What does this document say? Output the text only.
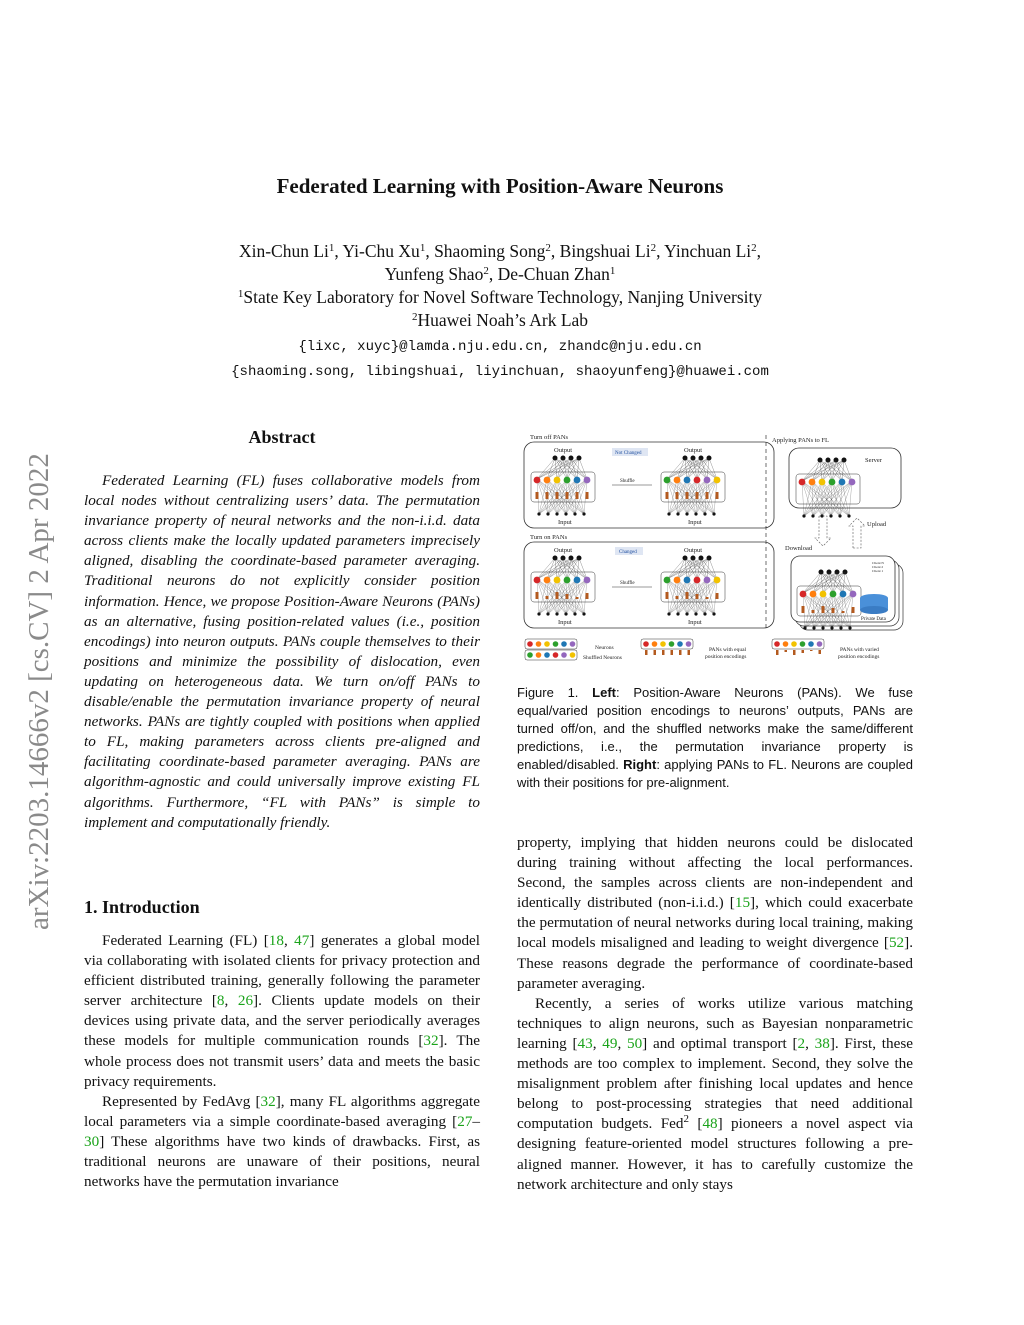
arXiv:2203.14666v2 [cs.CV] 2 Apr 2022
Federated Learning with Position-Aware Neurons
Xin-Chun Li$^1$, Yi-Chu Xu$^1$, Shaoming Song$^2$, Bingshuai Li$^2$, Yinchuan Li$^2$,
Yunfeng Shao$^2$, De-Chuan Zhan$^1$
$^1$State Key Laboratory for Novel Software Technology, Nanjing University
$^2$Huawei Noah’s Ark Lab
{lixc, xuyc}@lamda.nju.edu.cn, zhandc@nju.edu.cn
{shaoming.song, libingshuai, liyinchuan, shaoyunfeng}@huawei.com
Abstract
Federated Learning (FL) fuses collaborative models from local nodes without centralizing users’ data. The permutation invariance property of neural networks and the non-i.i.d. data across clients make the locally updated parameters imprecisely aligned, disabling the coordinate-based parameter averaging. Traditional neurons do not explicitly consider position information. Hence, we propose Position-Aware Neurons (PANs) as an alternative, fusing position-related values (i.e., position encodings) into neuron outputs. PANs couple themselves to their positions and minimize the possibility of dislocation, even updating on heterogeneous data. We turn on/off PANs to disable/enable the permutation invariance property of neural networks. PANs are tightly coupled with positions when applied to FL, making parameters across clients pre-aligned and facilitating coordinate-based parameter averaging. PANs are algorithm-agnostic and could universally improve existing FL algorithms. Furthermore, “FL with PANs” is simple to implement and computationally friendly.
1. Introduction

Federated Learning (FL) [18, 47] generates a global model via collaborating with isolated clients for privacy protection and efficient distributed training, generally following the parameter server architecture [8, 26]. Clients update models on their devices using private data, and the server periodically averages these models for multiple communication rounds [32]. The whole process does not transmit users’ data and meets the basic privacy requirements.

Represented by FedAvg [32], many FL algorithms aggregate local parameters via a simple coordinate-based averaging [27–30] These algorithms have two kinds of drawbacks. First, as traditional neurons are unaware of their positions, neural networks have the permutation invariance

Turn off PANs
Output
Input
Output
Input
Not Changed
Shuffle
Turn on PANs
Output
Input
Output
Input
Changed
Shuffle
Applying PANs to FL
Server
Upload
Download
Client N
Client 2
Client 1
Private Data
Neurons
Shuffled Neurons
PANs with equal
position encodings
PANs with varied
position encodings
Figure 1. Left: Position-Aware Neurons (PANs). We fuse equal/varied position encodings to neurons’ outputs, PANs are turned off/on, and the shuffled networks make the same/different predictions, i.e., the permutation invariance property is enabled/disabled. Right: applying PANs to FL. Neurons are coupled with their positions for pre-alignment.

property, implying that hidden neurons could be dislocated during training without affecting the local performances. Second, the samples across clients are non-independent and identically distributed (non-i.i.d.) [15], which could exacerbate the permutation of neural networks during local training, making local models misaligned and leading to weight divergence [52]. These reasons degrade the performance of coordinate-based parameter averaging.

Recently, a series of works utilize various matching techniques to align neurons, such as Bayesian nonparametric learning [43, 49, 50] and optimal transport [2, 38]. First, these methods are too complex to implement. Second, they solve the misalignment problem after finishing local updates and hence belong to post-processing strategies that need additional computation budgets. Fed$^2$ [48] pioneers a novel aspect via designing feature-oriented model structures following a pre-aligned manner. However, it has to carefully customize the network architecture and only stays
